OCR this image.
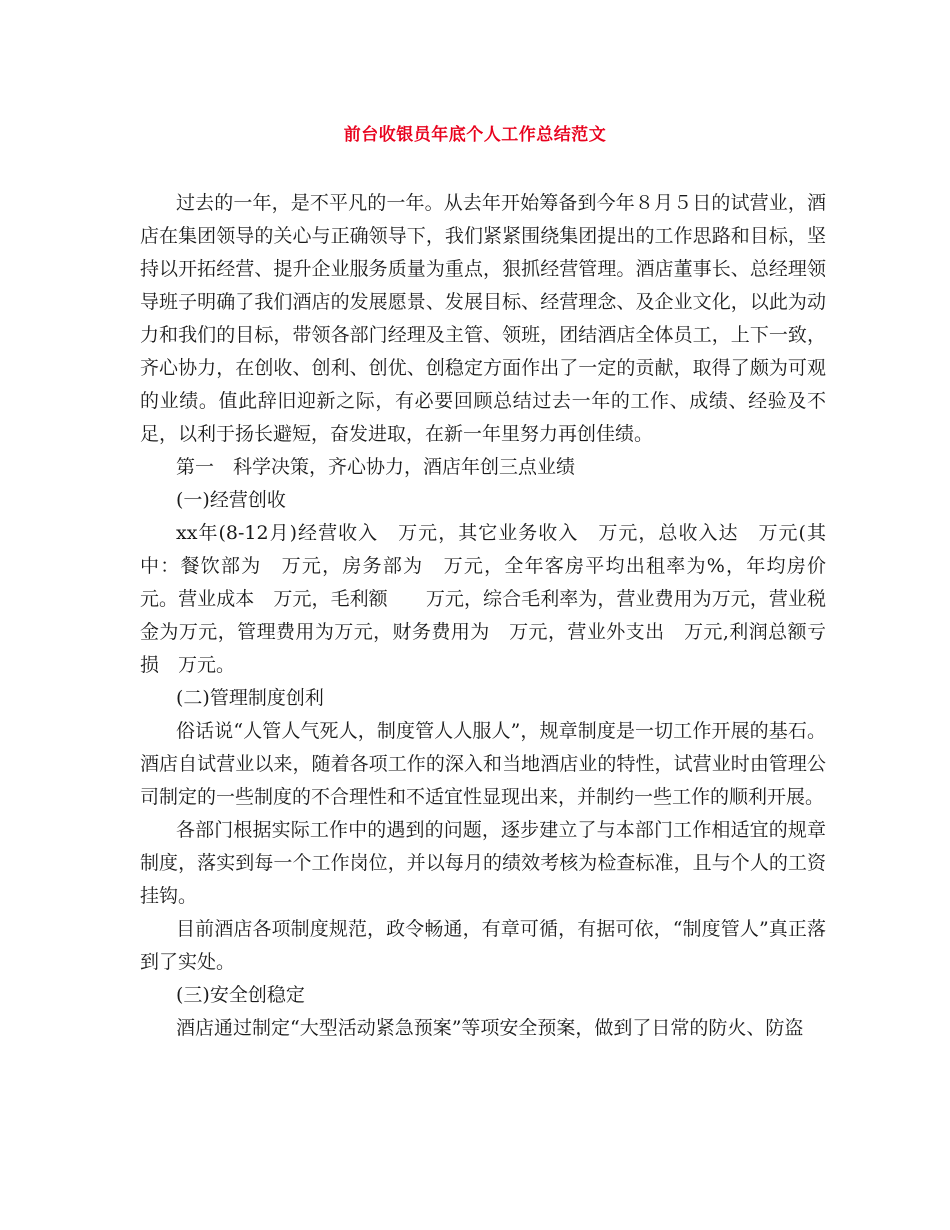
前台收银员年底个人工作总结范文

过去的一年，是不平凡的一年。从去年开始筹备到今年８月５日的试营业，酒店在集团领导的关心与正确领导下，我们紧紧围绕集团提出的工作思路和目标，坚持以开拓经营、提升企业服务质量为重点，狠抓经营管理。酒店董事长、总经理领导班子明确了我们酒店的发展愿景、发展目标、经营理念、及企业文化，以此为动力和我们的目标，带领各部门经理及主管、领班，团结酒店全体员工，上下一致，齐心协力，在创收、创利、创优、创稳定方面作出了一定的贡献，取得了颇为可观的业绩。值此辞旧迎新之际，有必要回顾总结过去一年的工作、成绩、经验及不足，以利于扬长避短，奋发进取，在新一年里努力再创佳绩。

第一　科学决策，齐心协力，酒店年创三点业绩

(一)经营创收

xx年(8-12月)经营收入　万元，其它业务收入　万元，总收入达　万元(其中：餐饮部为　万元，房务部为　万元，全年客房平均出租率为%，年均房价　元。营业成本　万元，毛利额　　万元，综合毛利率为，营业费用为万元，营业税金为万元，管理费用为万元，财务费用为　万元，营业外支出　万元,利润总额亏损　万元。

(二)管理制度创利

俗话说“人管人气死人，制度管人人服人”，规章制度是一切工作开展的基石。酒店自试营业以来，随着各项工作的深入和当地酒店业的特性，试营业时由管理公司制定的一些制度的不合理性和不适宜性显现出来，并制约一些工作的顺利开展。

各部门根据实际工作中的遇到的问题，逐步建立了与本部门工作相适宜的规章制度，落实到每一个工作岗位，并以每月的绩效考核为检查标准，且与个人的工资挂钩。

目前酒店各项制度规范，政令畅通，有章可循，有据可依，“制度管人”真正落到了实处。

(三)安全创稳定

酒店通过制定“大型活动紧急预案”等项安全预案，做到了日常的防火、防盗
